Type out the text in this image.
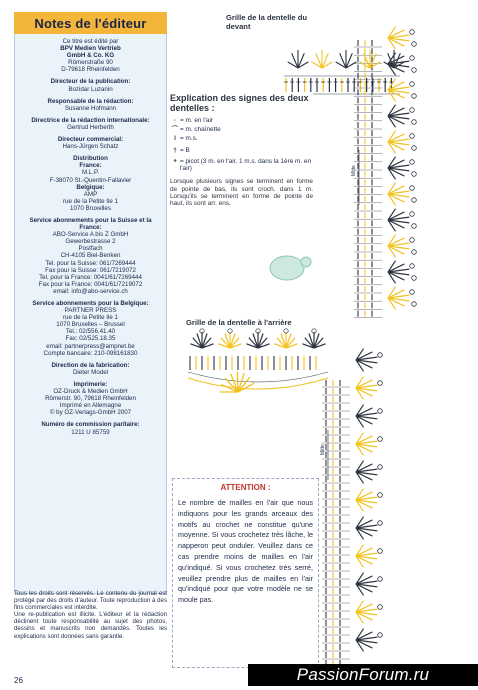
Notes de l'éditeur
Ce titre est édité par
BPV Medien Vertrieb
GmbH & Co. KG
Römerstraße 90
D-79618 Rheinfelden
Directeur de la publication:
Bozidar Luzanin
Responsable de la rédaction:
Susanne Hofmann
Directrice de la rédaction internationale:
Gertrud Herberth
Directeur commercial:
Hans-Jürgen Schatz
Distribution
France:
M.L.P.
F-38070 St.-Quentin-Fallavier
Belgique:
AMP
rue de la Petite Ile 1
1070 Bruxelles
Service abonnements pour la Suisse et la France:
ABO-Service A bis Z GmbH
Gewerbestrasse 2
Postfach
CH-4105 Biel-Benken
Tel. pour la Suisse: 061/7269444
Fax pour la Suisse: 061/7219072
Tel. pour la France: 0041/61/7269444
Fax pour la France: 0041/61/7219072
email: info@abo-service.ch
Service abonnements pour la Belgique:
PARTNER PRESS
rue de la Petite Ile 1
1070 Bruxelles – Brussel
Tel.: 02/556.41.40
Fax: 02/525.18.35
email: partnerpress@ampnet.be
Compte bancaire: 210-098161830
Direction de la fabrication:
Dieter Model
Imprimerie:
OZ-Druck & Medien GmbH
Römerstr. 90, 79618 Rheinfelden
Imprimé en Allemagne
© by OZ-Verlags-GmbH 2007
Numéro de commission paritaire:
1211 U 85759
Tous les droits sont réservés. Le contenu du journal est protégé par des droits d'auteur. Toute reproduction à des fins commerciales est interdite.
Une re-publication est illicite. L'éditeur et la rédaction déclinent toute responsabilité au sujet des photos, dessins et manuscrits non demandés. Toutes les explications sont données sans garantie.
26
Mitte
Mitte
Grille de la dentelle du devant
Grille de la dentelle à l'arrière
Explication des signes des deux dentelles :
· = m. en l'air
⌒ = m. chaînette
ǀ = m.s.
† = B
⚬ = picot (3 m. en l'air, 1 m.s. dans la 1ère m. en l'air)
Lorsque plusieurs signes se terminent en forme de pointe de bas, ils sont croch. dans 1 m. Lorsqu'ils se terminent en forme de pointe de haut, ils sont arr. ens.
ATTENTION :
Le nombre de mailles en l'air que nous indiquons pour les grands arceaux des motifs au crochet ne constitue qu'une moyenne. Si vous crochetez très lâche, le napperon peut onduler. Veuillez dans ce cas prendre moins de mailles en l'air qu'indiqué. Si vous crochetez très serré, veuillez prendre plus de mailles en l'air qu'indiqué pour que votre modèle ne se moule pas.
PassionForum.ru
